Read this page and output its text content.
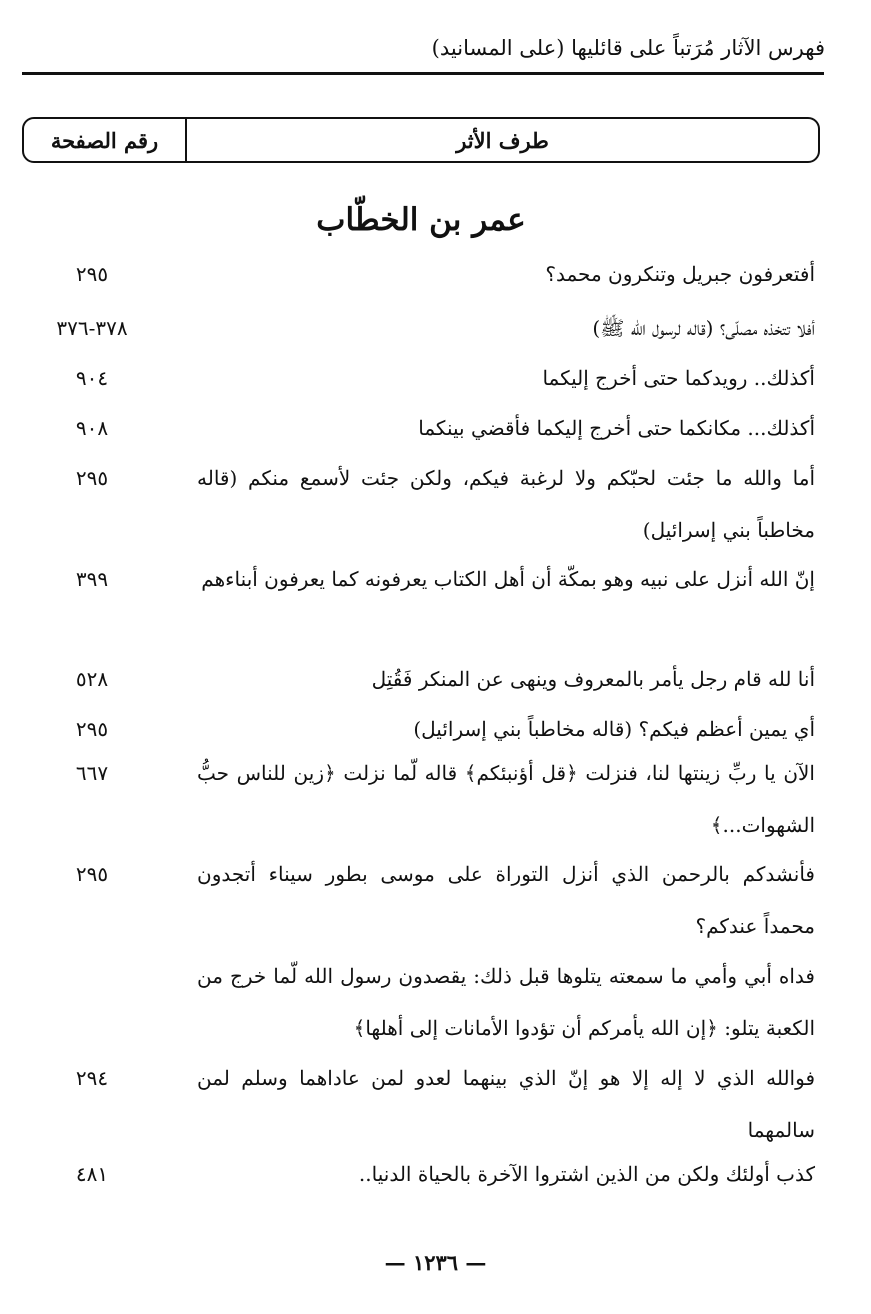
فهرس الآثار مُرَتباً على قائليها (على المسانيد)
طرف الأثر
رقم الصفحة
عمر بن الخطّاب
أفتعرفون جبريل وتنكرون محمد؟
٢٩٥
أفلا تتخذه مصلّى؟ (قاله لرسول الله ﷺ)
٣٧٨-٣٧٦
أكذلك.. رويدكما حتى أخرج إليكما
٩٠٤
أكذلك... مكانكما حتى أخرج إليكما فأقضي بينكما
٩٠٨
أما والله ما جئت لحبّكم ولا لرغبة فيكم، ولكن جئت لأسمع منكم (قاله مخاطباً بني إسرائيل)
٢٩٥
إنّ الله أنزل على نبيه وهو بمكّة أن أهل الكتاب يعرفونه كما يعرفون أبناءهم
٣٩٩
أنا لله قام رجل يأمر بالمعروف وينهى عن المنكر فَقُتِل
٥٢٨
أي يمين أعظم فيكم؟ (قاله مخاطباً بني إسرائيل)
٢٩٥
الآن يا ربِّ زينتها لنا، فنزلت ﴿قل أؤنبئكم﴾ قاله لّما نزلت ﴿زين للناس حبُّ الشهوات...﴾
٦٦٧
فأنشدكم بالرحمن الذي أنزل التوراة على موسى بطور سيناء أتجدون محمداً عندكم؟
٢٩٥
فداه أبي وأمي ما سمعته يتلوها قبل ذلك: يقصدون رسول الله لّما خرج من الكعبة يتلو: ﴿إن الله يأمركم أن تؤدوا الأمانات إلى أهلها﴾
فوالله الذي لا إله إلا هو إنّ الذي بينهما لعدو لمن عاداهما وسلم لمن سالمهما
٢٩٤
كذب أولئك ولكن من الذين اشتروا الآخرة بالحياة الدنيا..
٤٨١
— ١٢٣٦ —
